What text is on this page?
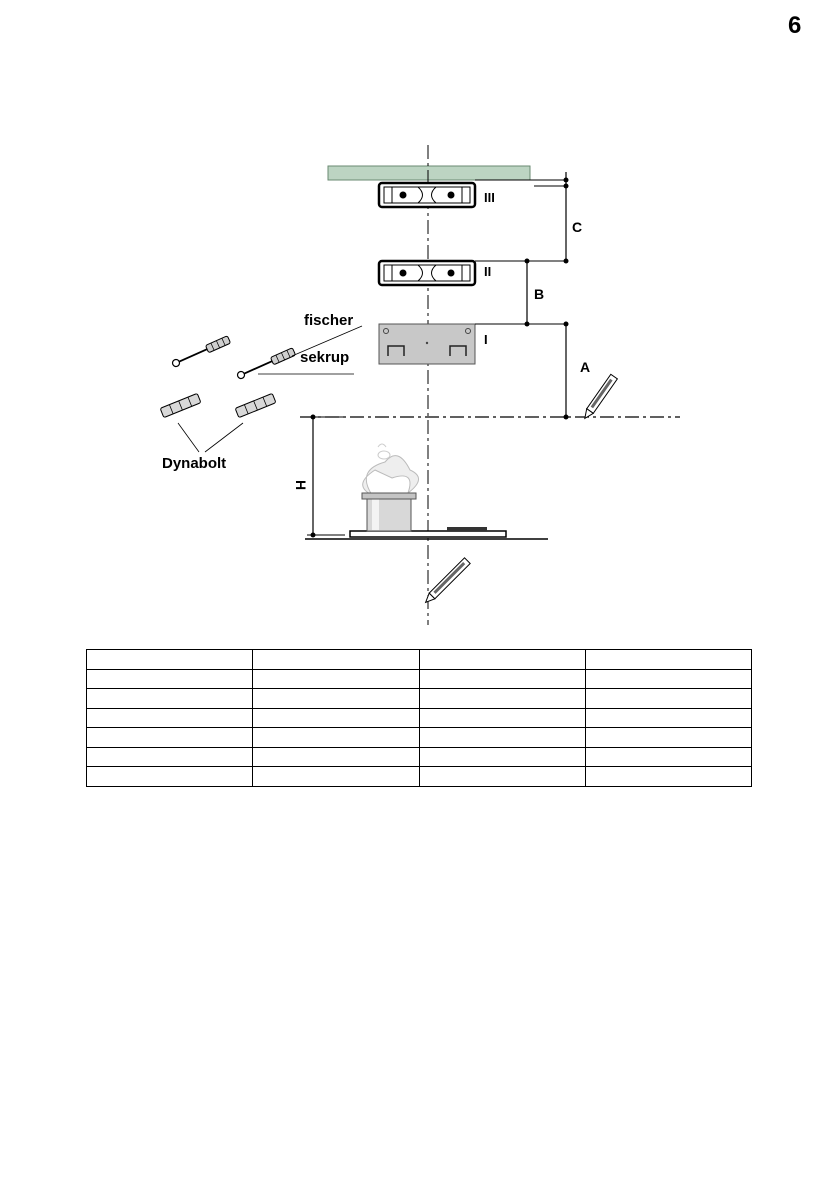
6
III
II
I
C
B
A
H
fischer
sekrup
Dynabolt
